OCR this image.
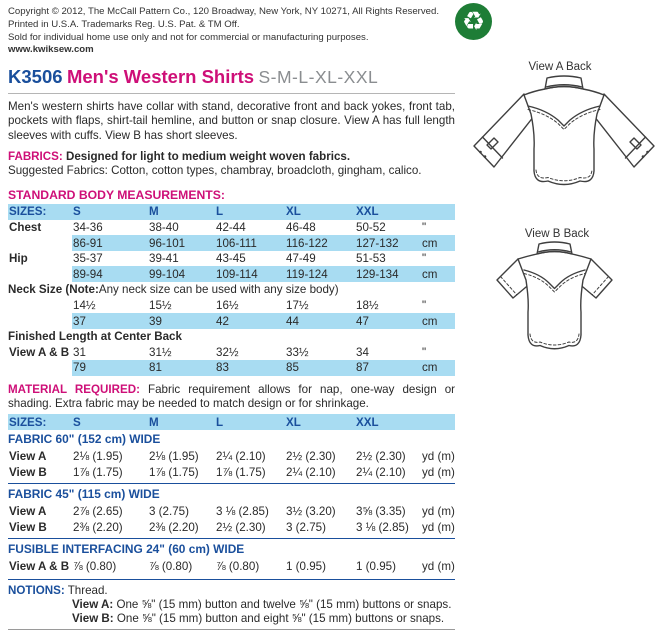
Copyright © 2012, The McCall Pattern Co., 120 Broadway, New York, NY 10271, All Rights Reserved.
Printed in U.S.A. Trademarks Reg. U.S. Pat. & TM Off.
Sold for individual home use only and not for commercial or manufacturing purposes. www.kwiksew.com
K3506 Men's Western Shirts S-M-L-XL-XXL

Men's western shirts have collar with stand, decorative front and back yokes, front tab, pockets with flaps, shirt-tail hemline, and button or snap closure. View A has full length sleeves with cuffs. View B has short sleeves.

FABRICS: Designed for light to medium weight woven fabrics.
Suggested Fabrics: Cotton, cotton types, chambray, broadcloth, gingham, calico.
STANDARD BODY MEASUREMENTS:
SIZES:	S	M	L	XL	XXL
Chest	34-36	38-40	42-44	46-48	50-52	"
86-91	96-101	106-111	116-122	127-132	cm
Hip	35-37	39-41	43-45	47-49	51-53	"
89-94	99-104	109-114	119-124	129-134	cm
Neck Size (Note: Any neck size can be used with any size body)
14½	15½	16½	17½	18½	"
37	39	42	44	47	cm
Finished Length at Center Back
View A & B 31	31½	32½	33½	34	"
79	81	83	85	87	cm

MATERIAL REQUIRED: Fabric requirement allows for nap, one-way design or shading. Extra fabric may be needed to match design or for shrinkage.

SIZES:	S	M	L	XL	XXL
FABRIC 60" (152 cm) WIDE
View A	2⅛ (1.95)	2⅛ (1.95)	2¼ (2.10)	2½ (2.30)	2½ (2.30)	yd (m)
View B	1⅞ (1.75)	1⅞ (1.75)	1⅞ (1.75)	2¼ (2.10)	2¼ (2.10)	yd (m)
FABRIC 45" (115 cm) WIDE
View A	2⅞ (2.65)	3 (2.75)	3 ⅛ (2.85)	3½ (3.20)	3⅝ (3.35)	yd (m)
View B	2⅜ (2.20)	2⅜ (2.20)	2½ (2.30)	3 (2.75)	3 ⅛ (2.85)	yd (m)
FUSIBLE INTERFACING 24" (60 cm) WIDE
View A & B ⅞ (0.80)	⅞ (0.80)	⅞ (0.80)	1 (0.95)	1 (0.95)	yd (m)
NOTIONS: Thread.
View A: One ⅝" (15 mm) button and twelve ⅝" (15 mm) buttons or snaps.
View B: One ⅝" (15 mm) button and eight ⅝" (15 mm) buttons or snaps.
♻
View A Back
View B Back
